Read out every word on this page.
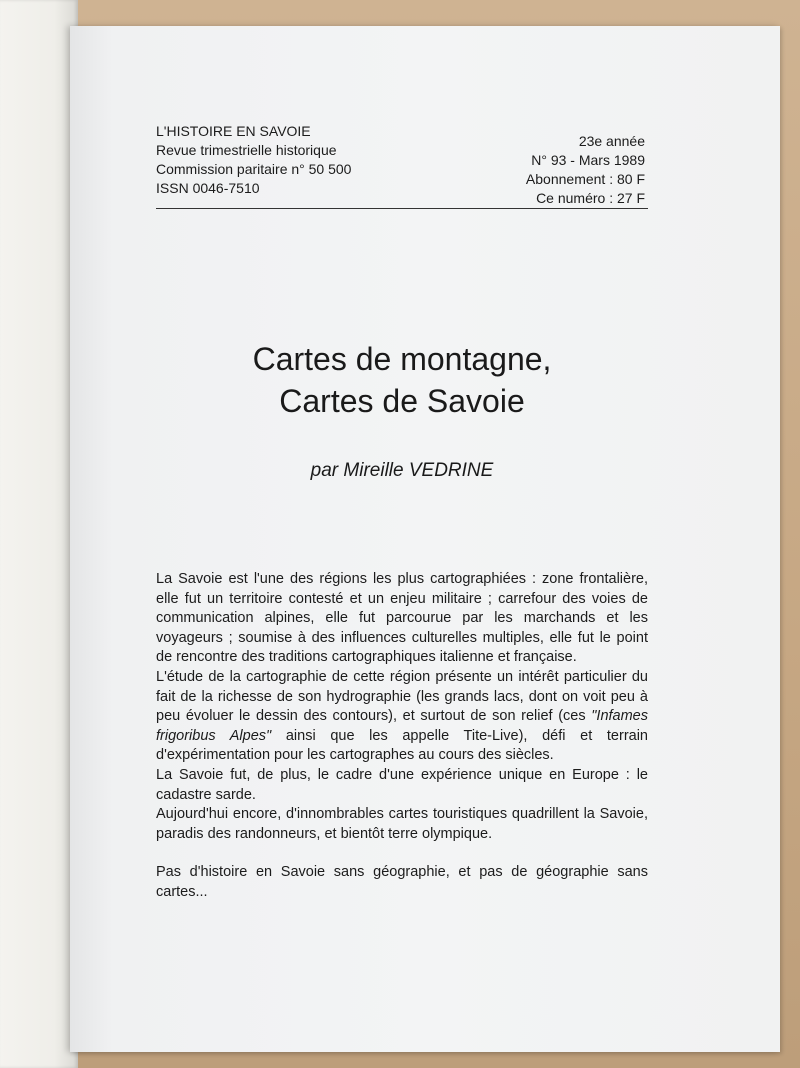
L'HISTOIRE EN SAVOIE
Revue trimestrielle historique
Commission paritaire n° 50 500
ISSN 0046-7510
23e année
N° 93 - Mars 1989
Abonnement : 80 F
Ce numéro : 27 F
Cartes de montagne,
Cartes de Savoie
par Mireille VEDRINE

La Savoie est l'une des régions les plus cartographiées : zone frontalière, elle fut un territoire contesté et un enjeu militaire ; carrefour des voies de communication alpines, elle fut parcourue par les marchands et les voyageurs ; soumise à des influences culturelles multiples, elle fut le point de rencontre des traditions cartographiques italienne et française.

L'étude de la cartographie de cette région présente un intérêt particulier du fait de la richesse de son hydrographie (les grands lacs, dont on voit peu à peu évoluer le dessin des contours), et surtout de son relief (ces "Infames frigoribus Alpes" ainsi que les appelle Tite-Live), défi et terrain d'expérimentation pour les cartographes au cours des siècles.

La Savoie fut, de plus, le cadre d'une expérience unique en Europe : le cadastre sarde.

Aujourd'hui encore, d'innombrables cartes touristiques quadrillent la Savoie, paradis des randonneurs, et bientôt terre olympique.

Pas d'histoire en Savoie sans géographie, et pas de géographie sans cartes...
